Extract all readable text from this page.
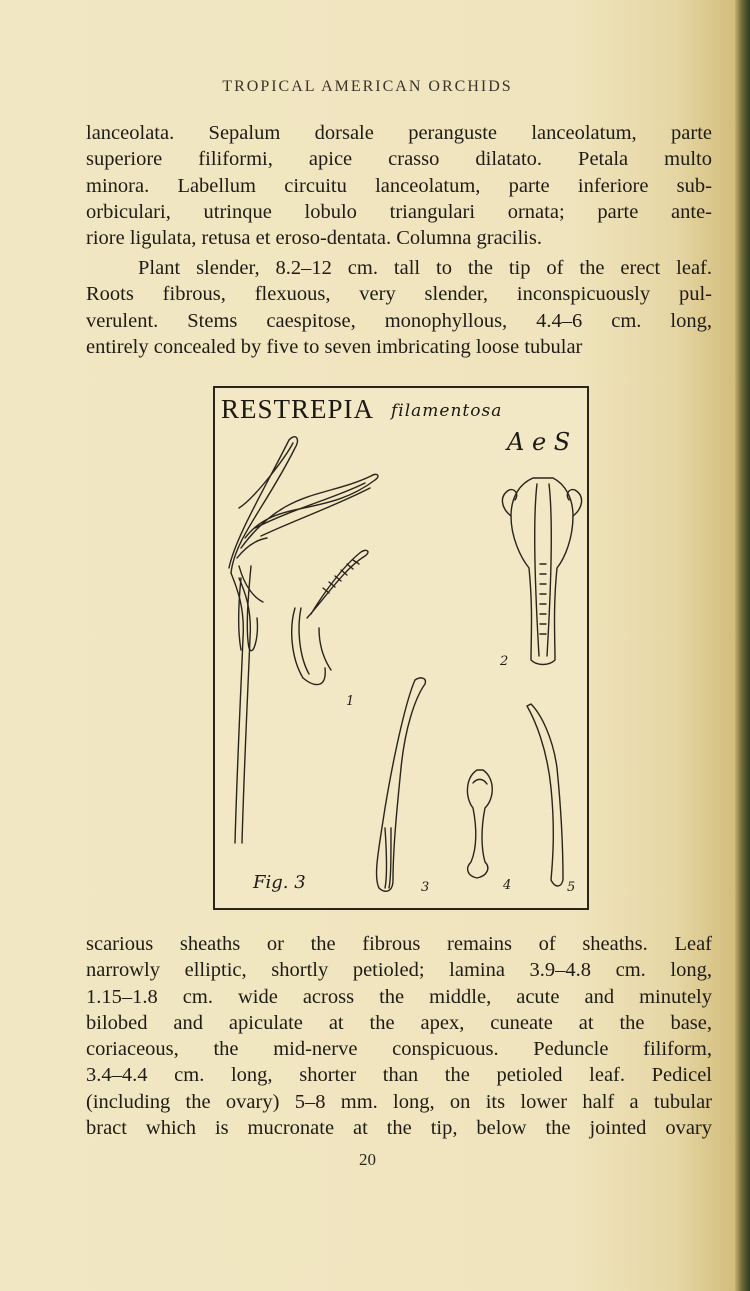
TROPICAL AMERICAN ORCHIDS
lanceolata. Sepalum dorsale peranguste lanceolatum, parte
superiore filiformi, apice crasso dilatato. Petala multo
minora. Labellum circuitu lanceolatum, parte inferiore sub-
orbiculari, utrinque lobulo triangulari ornata; parte ante-
riore ligulata, retusa et eroso-dentata. Columna gracilis.
Plant slender, 8.2–12 cm. tall to the tip of the erect leaf.
Roots fibrous, flexuous, very slender, inconspicuously pul-
verulent. Stems caespitose, monophyllous, 4.4–6 cm. long,
entirely concealed by five to seven imbricating loose tubular
RESTREPIA filamentosa
A e S
1
2
3	4	5
Fig. 3
scarious sheaths or the fibrous remains of sheaths. Leaf
narrowly elliptic, shortly petioled; lamina 3.9–4.8 cm. long,
1.15–1.8 cm. wide across the middle, acute and minutely
bilobed and apiculate at the apex, cuneate at the base,
coriaceous, the mid-nerve conspicuous. Peduncle filiform,
3.4–4.4 cm. long, shorter than the petioled leaf. Pedicel
(including the ovary) 5–8 mm. long, on its lower half a tubular
bract which is mucronate at the tip, below the jointed ovary
20
